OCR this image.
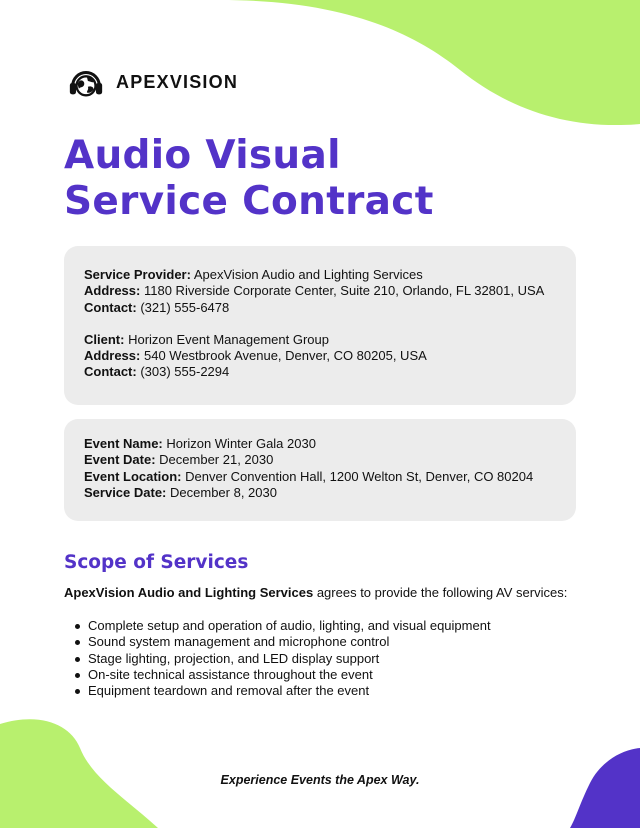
APEXVISION
Audio Visual
Service Contract
Service Provider: ApexVision Audio and Lighting Services
Address: 1180 Riverside Corporate Center, Suite 210, Orlando, FL 32801, USA
Contact: (321) 555-6478
Client: Horizon Event Management Group
Address: 540 Westbrook Avenue, Denver, CO 80205, USA
Contact: (303) 555-2294
Event Name: Horizon Winter Gala 2030
Event Date: December 21, 2030
Event Location: Denver Convention Hall, 1200 Welton St, Denver, CO 80204
Service Date: December 8, 2030
Scope of Services

ApexVision Audio and Lighting Services agrees to provide the following AV services:

Complete setup and operation of audio, lighting, and visual equipment
Sound system management and microphone control
Stage lighting, projection, and LED display support
On-site technical assistance throughout the event
Equipment teardown and removal after the event
Experience Events the Apex Way.
